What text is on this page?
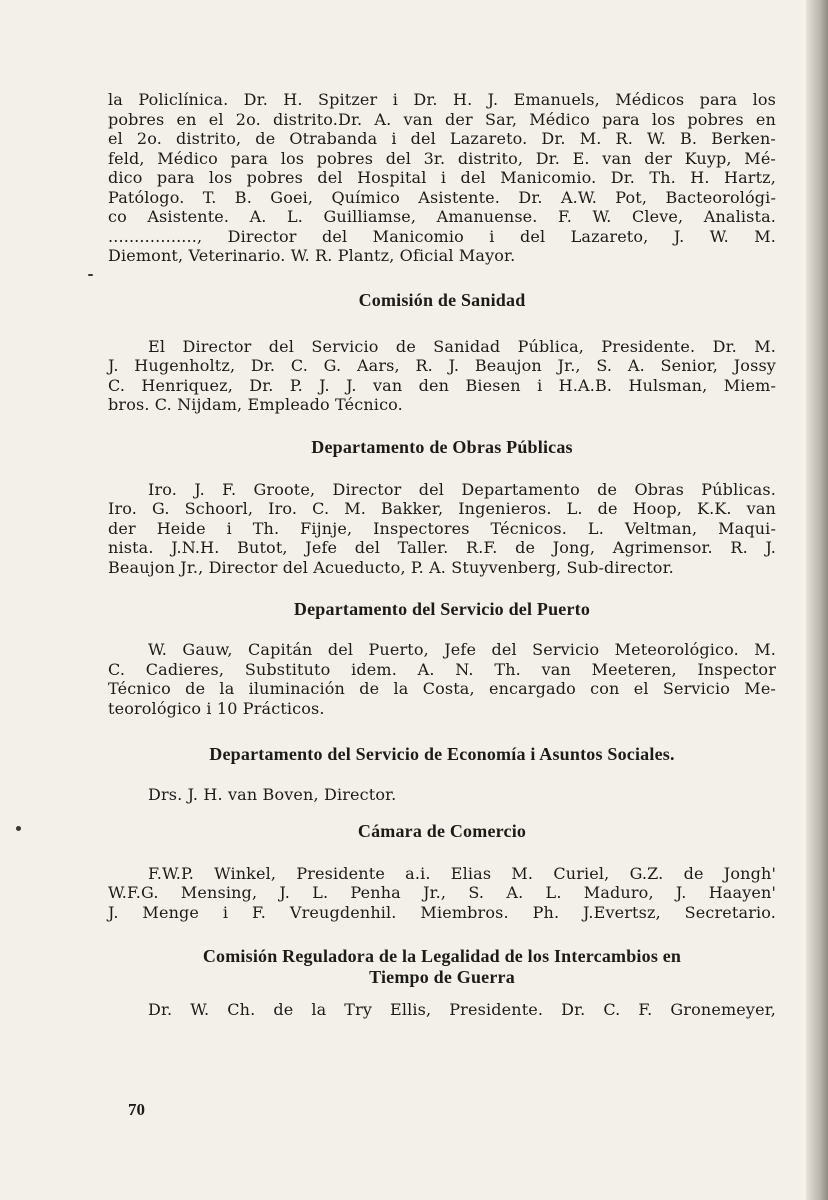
la Policlínica. Dr. H. Spitzer i Dr. H. J. Emanuels, Médicos para los
pobres en el 2o. distrito.Dr. A. van der Sar, Médico para los pobres en
el 2o. distrito, de Otrabanda i del Lazareto. Dr. M. R. W. B. Berken-
feld, Médico para los pobres del 3r. distrito, Dr. E. van der Kuyp, Mé-
dico para los pobres del Hospital i del Manicomio. Dr. Th. H. Hartz,
Patólogo. T. B. Goei, Químico Asistente. Dr. A.W. Pot, Bacteorológi-
co Asistente. A. L. Guilliamse, Amanuense. F. W. Cleve, Analista.
................., Director del Manicomio i del Lazareto, J. W. M.
Diemont, Veterinario. W. R. Plantz, Oficial Mayor.

Comisión de Sanidad

El Director del Servicio de Sanidad Pública, Presidente. Dr. M.
J. Hugenholtz, Dr. C. G. Aars, R. J. Beaujon Jr., S. A. Senior, Jossy
C. Henriquez, Dr. P. J. J. van den Biesen i H.A.B. Hulsman, Miem-
bros. C. Nijdam, Empleado Técnico.

Departamento de Obras Públicas

Iro. J. F. Groote, Director del Departamento de Obras Públicas.
Iro. G. Schoorl, Iro. C. M. Bakker, Ingenieros. L. de Hoop, K.K. van
der Heide i Th. Fijnje, Inspectores Técnicos. L. Veltman, Maqui-
nista. J.N.H. Butot, Jefe del Taller. R.F. de Jong, Agrimensor. R. J.
Beaujon Jr., Director del Acueducto, P. A. Stuyvenberg, Sub-director.

Departamento del Servicio del Puerto

W. Gauw, Capitán del Puerto, Jefe del Servicio Meteorológico. M.
C. Cadieres, Substituto idem. A. N. Th. van Meeteren, Inspector
Técnico de la iluminación de la Costa, encargado con el Servicio Me-
teorológico i 10 Prácticos.

Departamento del Servicio de Economía i Asuntos Sociales.

Drs. J. H. van Boven, Director.

Cámara de Comercio

F.W.P. Winkel, Presidente a.i. Elias M. Curiel, G.Z. de Jongh'
W.F.G. Mensing, J. L. Penha Jr., S. A. L. Maduro, J. Haayen'
J. Menge i F. Vreugdenhil. Miembros. Ph. J.Evertsz, Secretario.

Comisión Reguladora de la Legalidad de los Intercambios en
Tiempo de Guerra

Dr. W. Ch. de la Try Ellis, Presidente. Dr. C. F. Gronemeyer,
70
